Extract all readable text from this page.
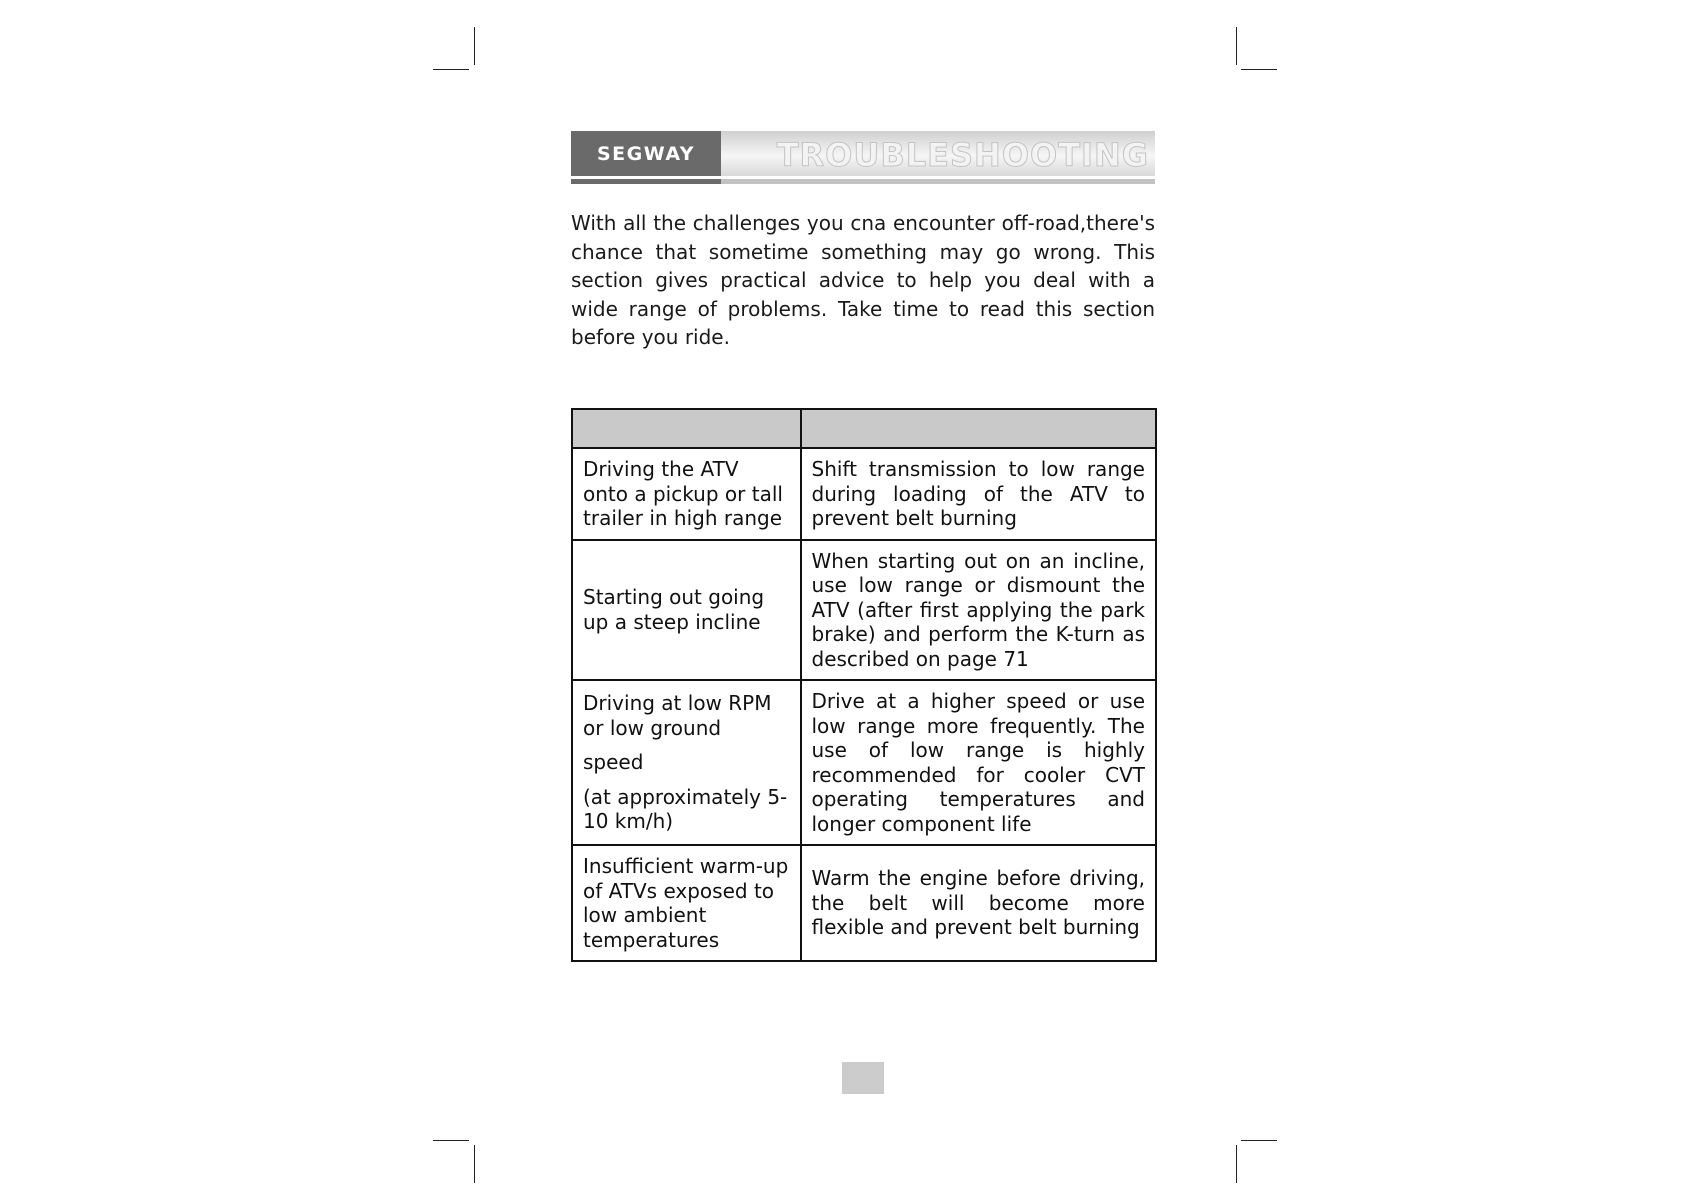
SEGWAY	TROUBLESHOOTING

With all the challenges you cna encounter off-road,there's chance that sometime something may go wrong. This section gives practical advice to help you deal with a wide range of problems. Take time to read this section before you ride.

Driving the ATV onto a pickup or tall trailer in high range	Shift transmission to low range during loading of the ATV to prevent belt burning

Starting out going up a steep incline	When starting out on an incline, use low range or dismount the ATV (after first applying the park brake) and perform the K-turn as described on page 71

Driving at low RPM or low ground
speed
(at approximately 5-10 km/h)	Drive at a higher speed or use low range more frequently. The use of low range is highly recommended for cooler CVT operating temperatures and longer component life

Insufficient warm-up of ATVs exposed to low ambient temperatures	Warm the engine before driving, the belt will become more flexible and prevent belt burning
